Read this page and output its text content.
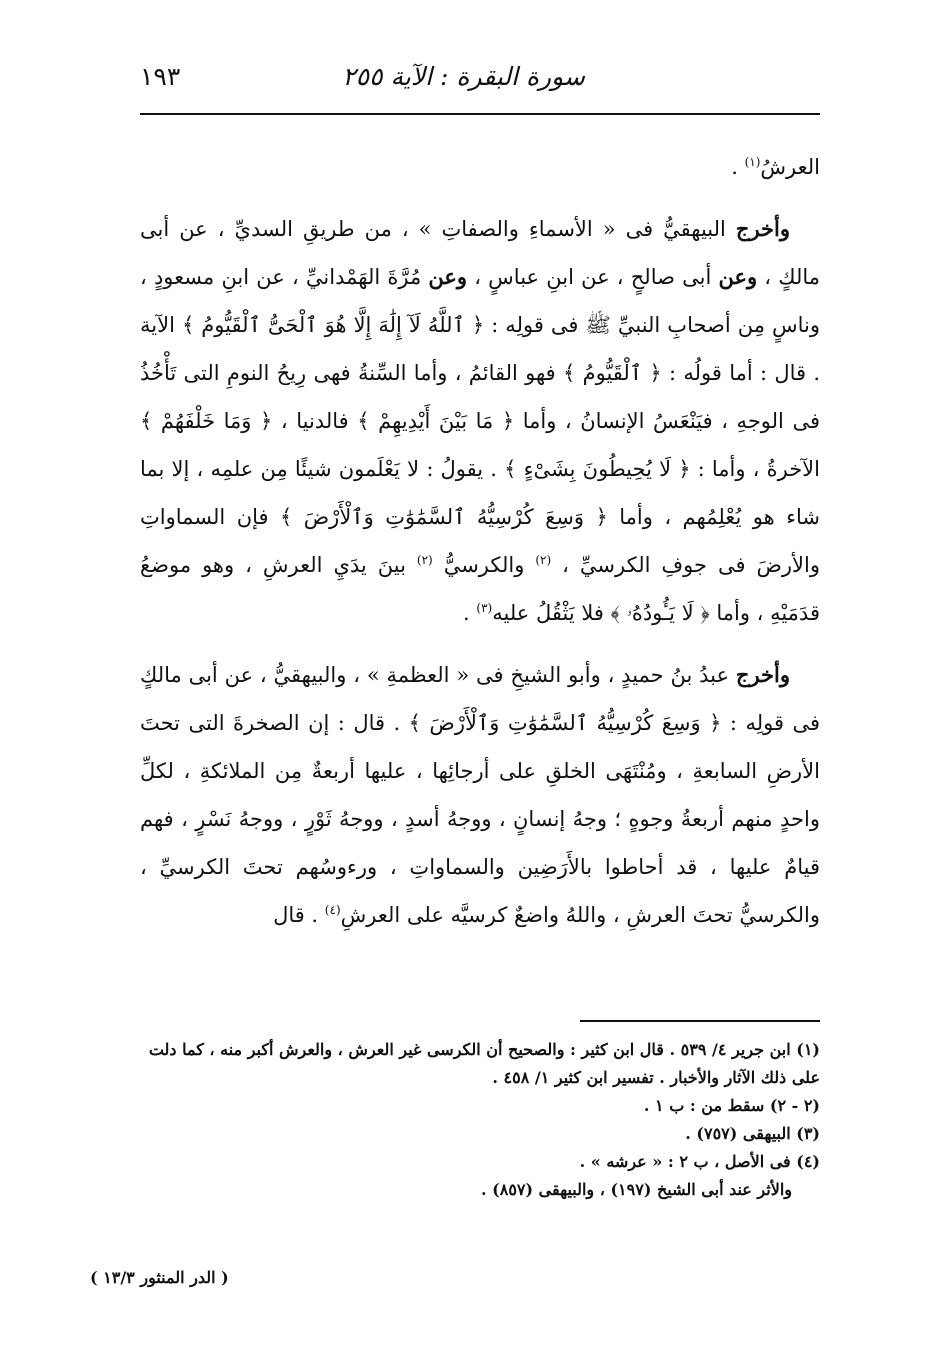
سورة البقرة : الآية ٢٥٥
١٩٣

العرشُ$^{(١)}$ .

وأخرج البيهقيُّ فى « الأسماءِ والصفاتِ » ، من طريقِ السديِّ ، عن أبى مالكٍ ، وعن أبى صالحٍ ، عن ابنِ عباسٍ ، وعن مُرَّةَ الهَمْدانيِّ ، عن ابنِ مسعودٍ ، وناسٍ مِن أصحابِ النبيِّ ﷺ فى قولِه : ﴿ ٱللَّهُ لَآ إِلَٰهَ إِلَّا هُوَ ٱلْحَىُّ ٱلْقَيُّومُ ﴾ الآية . قال : أما قولُه : ﴿ ٱلْقَيُّومُ ﴾ فهو القائمُ ، وأما السِّنةُ فهى رِيحُ النومِ التى تَأْخُذُ فى الوجهِ ، فيَنْعَسُ الإنسانُ ، وأما ﴿ مَا بَيْنَ أَيْدِيهِمْ ﴾ فالدنيا ، ﴿ وَمَا خَلْفَهُمْ ﴾ الآخرةُ ، وأما : ﴿ لَا يُحِيطُونَ بِشَىْءٍ ﴾ . يقولُ : لا يَعْلَمون شيئًا مِن علمِه ، إلا بما شاء هو يُعْلِمُهم ، وأما ﴿ وَسِعَ كُرْسِيُّهُ ٱلسَّمَٰوَٰتِ وَٱلْأَرْضَ ﴾ فإن السماواتِ والأرضَ فى جوفِ الكرسيِّ ، $^{(٢)}$ والكرسيُّ $^{(٢)}$ بينَ يدَيِ العرشِ ، وهو موضعُ قدَمَيْهِ ، وأما ﴿ لَا يَـُٔودُهُۥ ﴾ فلا يَثْقُلُ عليه$^{(٣)}$ .

وأخرج عبدُ بنُ حميدٍ ، وأبو الشيخِ فى « العظمةِ » ، والبيهقيُّ ، عن أبى مالكٍ فى قولِه : ﴿ وَسِعَ كُرْسِيُّهُ ٱلسَّمَٰوَٰتِ وَٱلْأَرْضَ ﴾ . قال : إن الصخرةَ التى تحتَ الأرضِ السابعةِ ، ومُنْتَهَى الخلقِ على أرجائِها ، عليها أربعةٌ مِن الملائكةِ ، لكلِّ واحدٍ منهم أربعةُ وجوهٍ ؛ وجهُ إنسانٍ ، ووجهُ أسدٍ ، ووجهُ ثَوْرٍ ، ووجهُ نَسْرٍ ، فهم قيامٌ عليها ، قد أحاطوا بالأَرَضِين والسماواتِ ، ورءوسُهم تحتَ الكرسيِّ ، والكرسيُّ تحتَ العرشِ ، واللهُ واضعٌ كرسيَّه على العرشِ$^{(٤)}$ . قال

(١) ابن جرير ٤/ ٥٣٩ . قال ابن كثير : والصحيح أن الكرسى غير العرش ، والعرش أكبر منه ، كما دلت
على ذلك الآثار والأخبار . تفسير ابن كثير ١/ ٤٥٨ .
(٢ - ٢) سقط من : ب ١ .
(٣) البيهقى (٧٥٧) .
(٤) فى الأصل ، ب ٢ : « عرشه » .
والأثر عند أبى الشيخ (١٩٧) ، والبيهقى (٨٥٧) .
( الدر المنثور ١٣/٣ )
